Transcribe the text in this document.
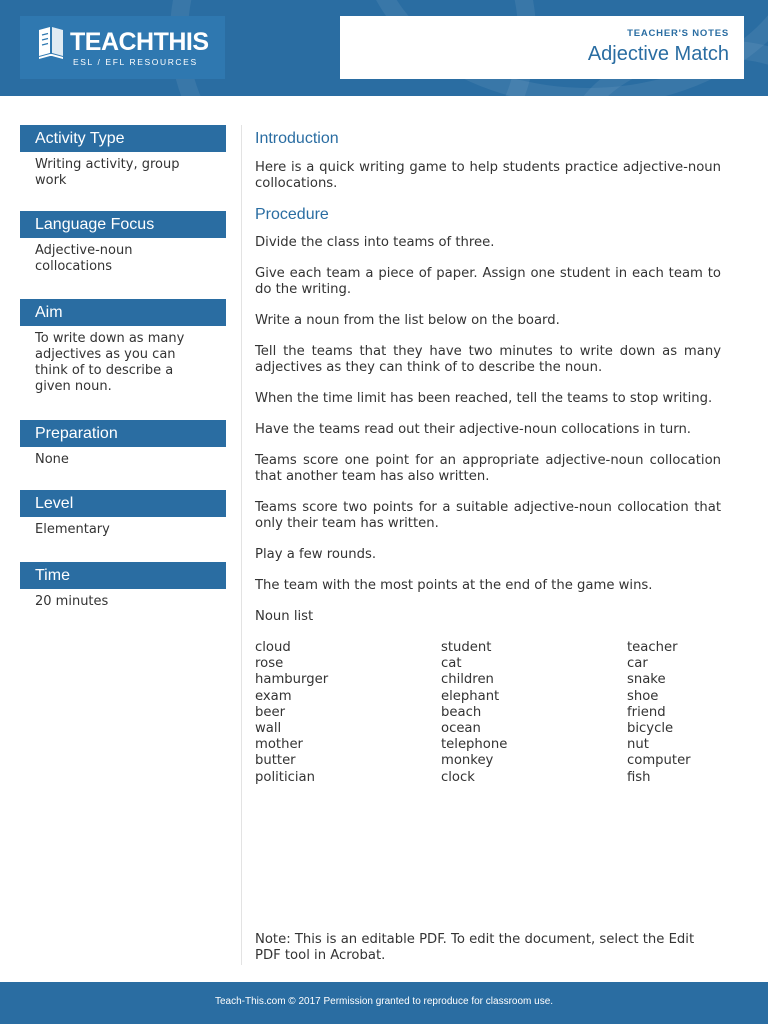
TEACHTHIS
ESL / EFL RESOURCES
TEACHER'S NOTES
Adjective Match
Activity Type
Writing activity, group work
Language Focus
Adjective-noun collocations
Aim
To write down as many adjectives as you can think of to describe a given noun.
Preparation
None
Level
Elementary
Time
20 minutes
Introduction

Here is a quick writing game to help students practice adjective-noun collocations.

Procedure

Divide the class into teams of three.

Give each team a piece of paper. Assign one student in each team to do the writing.

Write a noun from the list below on the board.

Tell the teams that they have two minutes to write down as many adjectives as they can think of to describe the noun.

When the time limit has been reached, tell the teams to stop writing.

Have the teams read out their adjective-noun collocations in turn.

Teams score one point for an appropriate adjective-noun collocation that another team has also written.

Teams score two points for a suitable adjective-noun collocation that only their team has written.

Play a few rounds.

The team with the most points at the end of the game wins.

Noun list

cloud
rose
hamburger
exam
beer
wall
mother
butter
politician
student
cat
children
elephant
beach
ocean
telephone
monkey
clock
teacher
car
snake
shoe
friend
bicycle
nut
computer
fish
Note: This is an editable PDF. To edit the document, select the Edit PDF tool in Acrobat.
Teach-This.com © 2017 Permission granted to reproduce for classroom use.
